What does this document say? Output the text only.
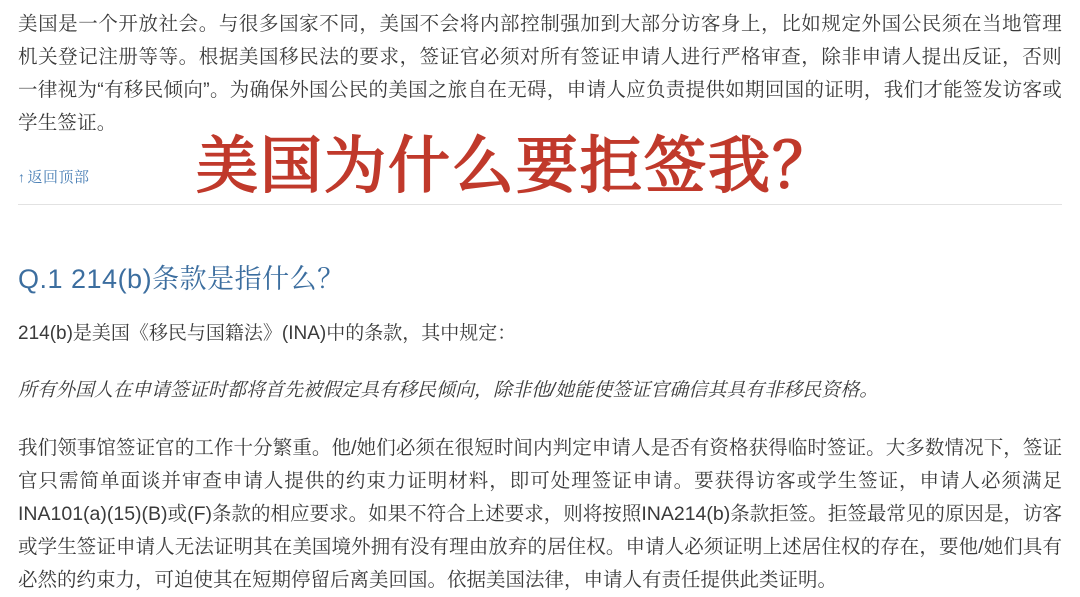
美国是一个开放社会。与很多国家不同，美国不会将内部控制强加到大部分访客身上，比如规定外国公民须在当地管理机关登记注册等等。根据美国移民法的要求，签证官必须对所有签证申请人进行严格审查，除非申请人提出反证，否则一律视为“有移民倾向”。为确保外国公民的美国之旅自在无碍，申请人应负责提供如期回国的证明，我们才能签发访客或学生签证。

↑ 返回顶部	美国为什么要拒签我？
Q.1 214(b)条款是指什么？

214(b)是美国《移民与国籍法》(INA)中的条款，其中规定：

所有外国人在申请签证时都将首先被假定具有移民倾向，除非他/她能使签证官确信其具有非移民资格。

我们领事馆签证官的工作十分繁重。他/她们必须在很短时间内判定申请人是否有资格获得临时签证。大多数情况下，签证官只需简单面谈并审查申请人提供的约束力证明材料，即可处理签证申请。要获得访客或学生签证，申请人必须满足INA101(a)(15)(B)或(F)条款的相应要求。如果不符合上述要求，则将按照INA214(b)条款拒签。拒签最常见的原因是，访客或学生签证申请人无法证明其在美国境外拥有没有理由放弃的居住权。申请人必须证明上述居住权的存在，要他/她们具有必然的约束力，可迫使其在短期停留后离美回国。依据美国法律，申请人有责任提供此类证明。
